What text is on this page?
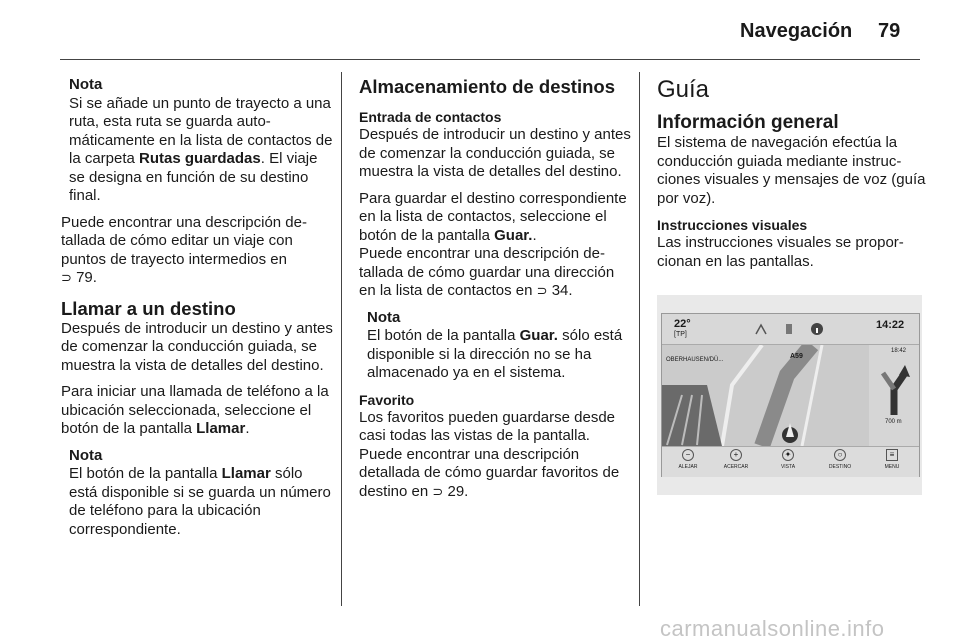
Navegación 79
Nota
Si se añade un punto de trayecto a una ruta, esta ruta se guarda automáticamente en la lista de contactos de la carpeta Rutas guardadas. El viaje se designa en función de su destino final.

Puede encontrar una descripción detallada de cómo editar un viaje con puntos de trayecto intermedios en
⊃ 79.

Llamar a un destino

Después de introducir un destino y antes de comenzar la conducción guiada, se muestra la vista de detalles del destino.

Para iniciar una llamada de teléfono a la ubicación seleccionada, seleccione el botón de la pantalla Llamar.

Nota
El botón de la pantalla Llamar sólo está disponible si se guarda un número de teléfono para la ubicación correspondiente.
Almacenamiento de destinos
Entrada de contactos

Después de introducir un destino y antes de comenzar la conducción guiada, se muestra la vista de detalles del destino.

Para guardar el destino correspondiente en la lista de contactos, seleccione el botón de la pantalla Guar..
Puede encontrar una descripción detallada de cómo guardar una dirección en la lista de contactos en ⊃ 34.

Nota
El botón de la pantalla Guar. sólo está disponible si la dirección no se ha almacenado ya en el sistema.
Favorito

Los favoritos pueden guardarse desde casi todas las vistas de la pantalla. Puede encontrar una descripción detallada de cómo guardar favoritos de destino en ⊃ 29.

Guía
Información general

El sistema de navegación efectúa la conducción guiada mediante instrucciones visuales y mensajes de voz (guía por voz).

Instrucciones visuales

Las instrucciones visuales se proporcionan en las pantallas.

22°
[TP]
14:22
OBERHAUSEN/DÜ...	A59
18:42
700 m
−
ALEJAR
+
ACERCAR
✦
VISTA
○
DESTINO
≡
MENU
carmanualsonline.info
